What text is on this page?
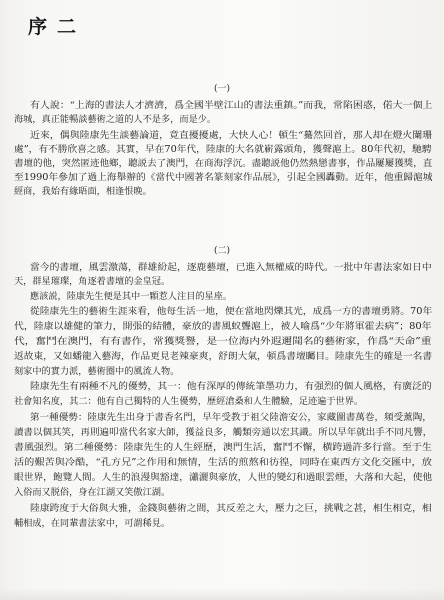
序二
(一)
(二)
有人說：“上海的書法人才濟濟，爲全國半壁江山的書法重鎮。”而我，常陷困惑，偌大一個上
海城，真正能暢談藝術之道的人不是多，而是少。
近來，偶與陸康先生談藝論道，竟直擾擾處，大快人心！頓生“驀然回首，那人却在燈火闌珊
處”，有不勝欣喜之感。其實，早在70年代，陸康的大名就嶄露頭角，獲聲滬上。80年代初，馳騁
書壇的他，突然匿迹他鄉，聽説去了澳門，在商海浮沉。盡聽説他仍然熱戀書事，作品屢屢獲獎，直
至1990年參加了過上海舉辦的《當代中國著名篆刻家作品展》，引起全國轟動。近年，他重歸滬城
經商，我始有緣晤面，相逢恨晚。
當今的書壇，風雲激蕩，群雄紛起，逐鹿藝壇，已進入無權威的時代。一批中年書法家如日中
天，群星璀璨，角逐着書壇的金皇冠。
應該説，陸康先生便是其中一顆惹人注目的星座。
從陸康先生的藝術生涯來看，他每生活一地，便在當地閃爍其光，成爲一方的書壇勇將。70年
代，陸康以雄健的筆力，開張的結體，豪放的書風蚁聾滬上，被人喻爲“少年將軍霍去病”；80年
代，奮鬥在澳門，有有書作，常獲獎譽，是一位海内外遐邇聞名的藝術家，作爲“天命”重
返故東，又如蟠龍入藝海，作品更見老辣豪爽，舒朗大氣，頓爲書壇矚目。陸康先生的確是一名書
刻家中的實力派，藝術圈中的風流人物。
陸康先生有兩種不凡的優勢，其一：他有深厚的傳統筆墨功力，有强烈的個人風格，有廣泛的
社會知名度，其二：他有自己獨特的人生優勢，歷經滄桑和人生體驗，足迹遍于世界。
第一種優勢：陸康先生出身于書香名門，早年受教于祖父陸澹安公，家藏圖書萬卷，頻受薰陶，
讀書以個其笑，再則遍叩當代名家大師，獲益良多，觸類旁通以宏其識。所以早年就出手不同凡響，
書風强烈。第二種優勢：陸康先生的人生經歷，澳門生活，奮鬥不懈，横跨過許多行當。至于生
活的艱苦與冷酷，“孔方兄”之作用和無情，生活的煎熬和彷徨，同時在東西方文化交匯中，放
眼世界，飽覽人間。人生的浪漫與豁達，瀟灑與豪放，人世的變幻和過眼雲煙，大落和大起，使他
入俗而又脱俗，身在江湖又笑傲江湖。
陸康跨度于大俗與大雅，金錢與藝術之間，其反差之大，壓力之巨，挑戰之甚，相生相克，相
輔相成，在同輩書法家中，可謂稀見。
